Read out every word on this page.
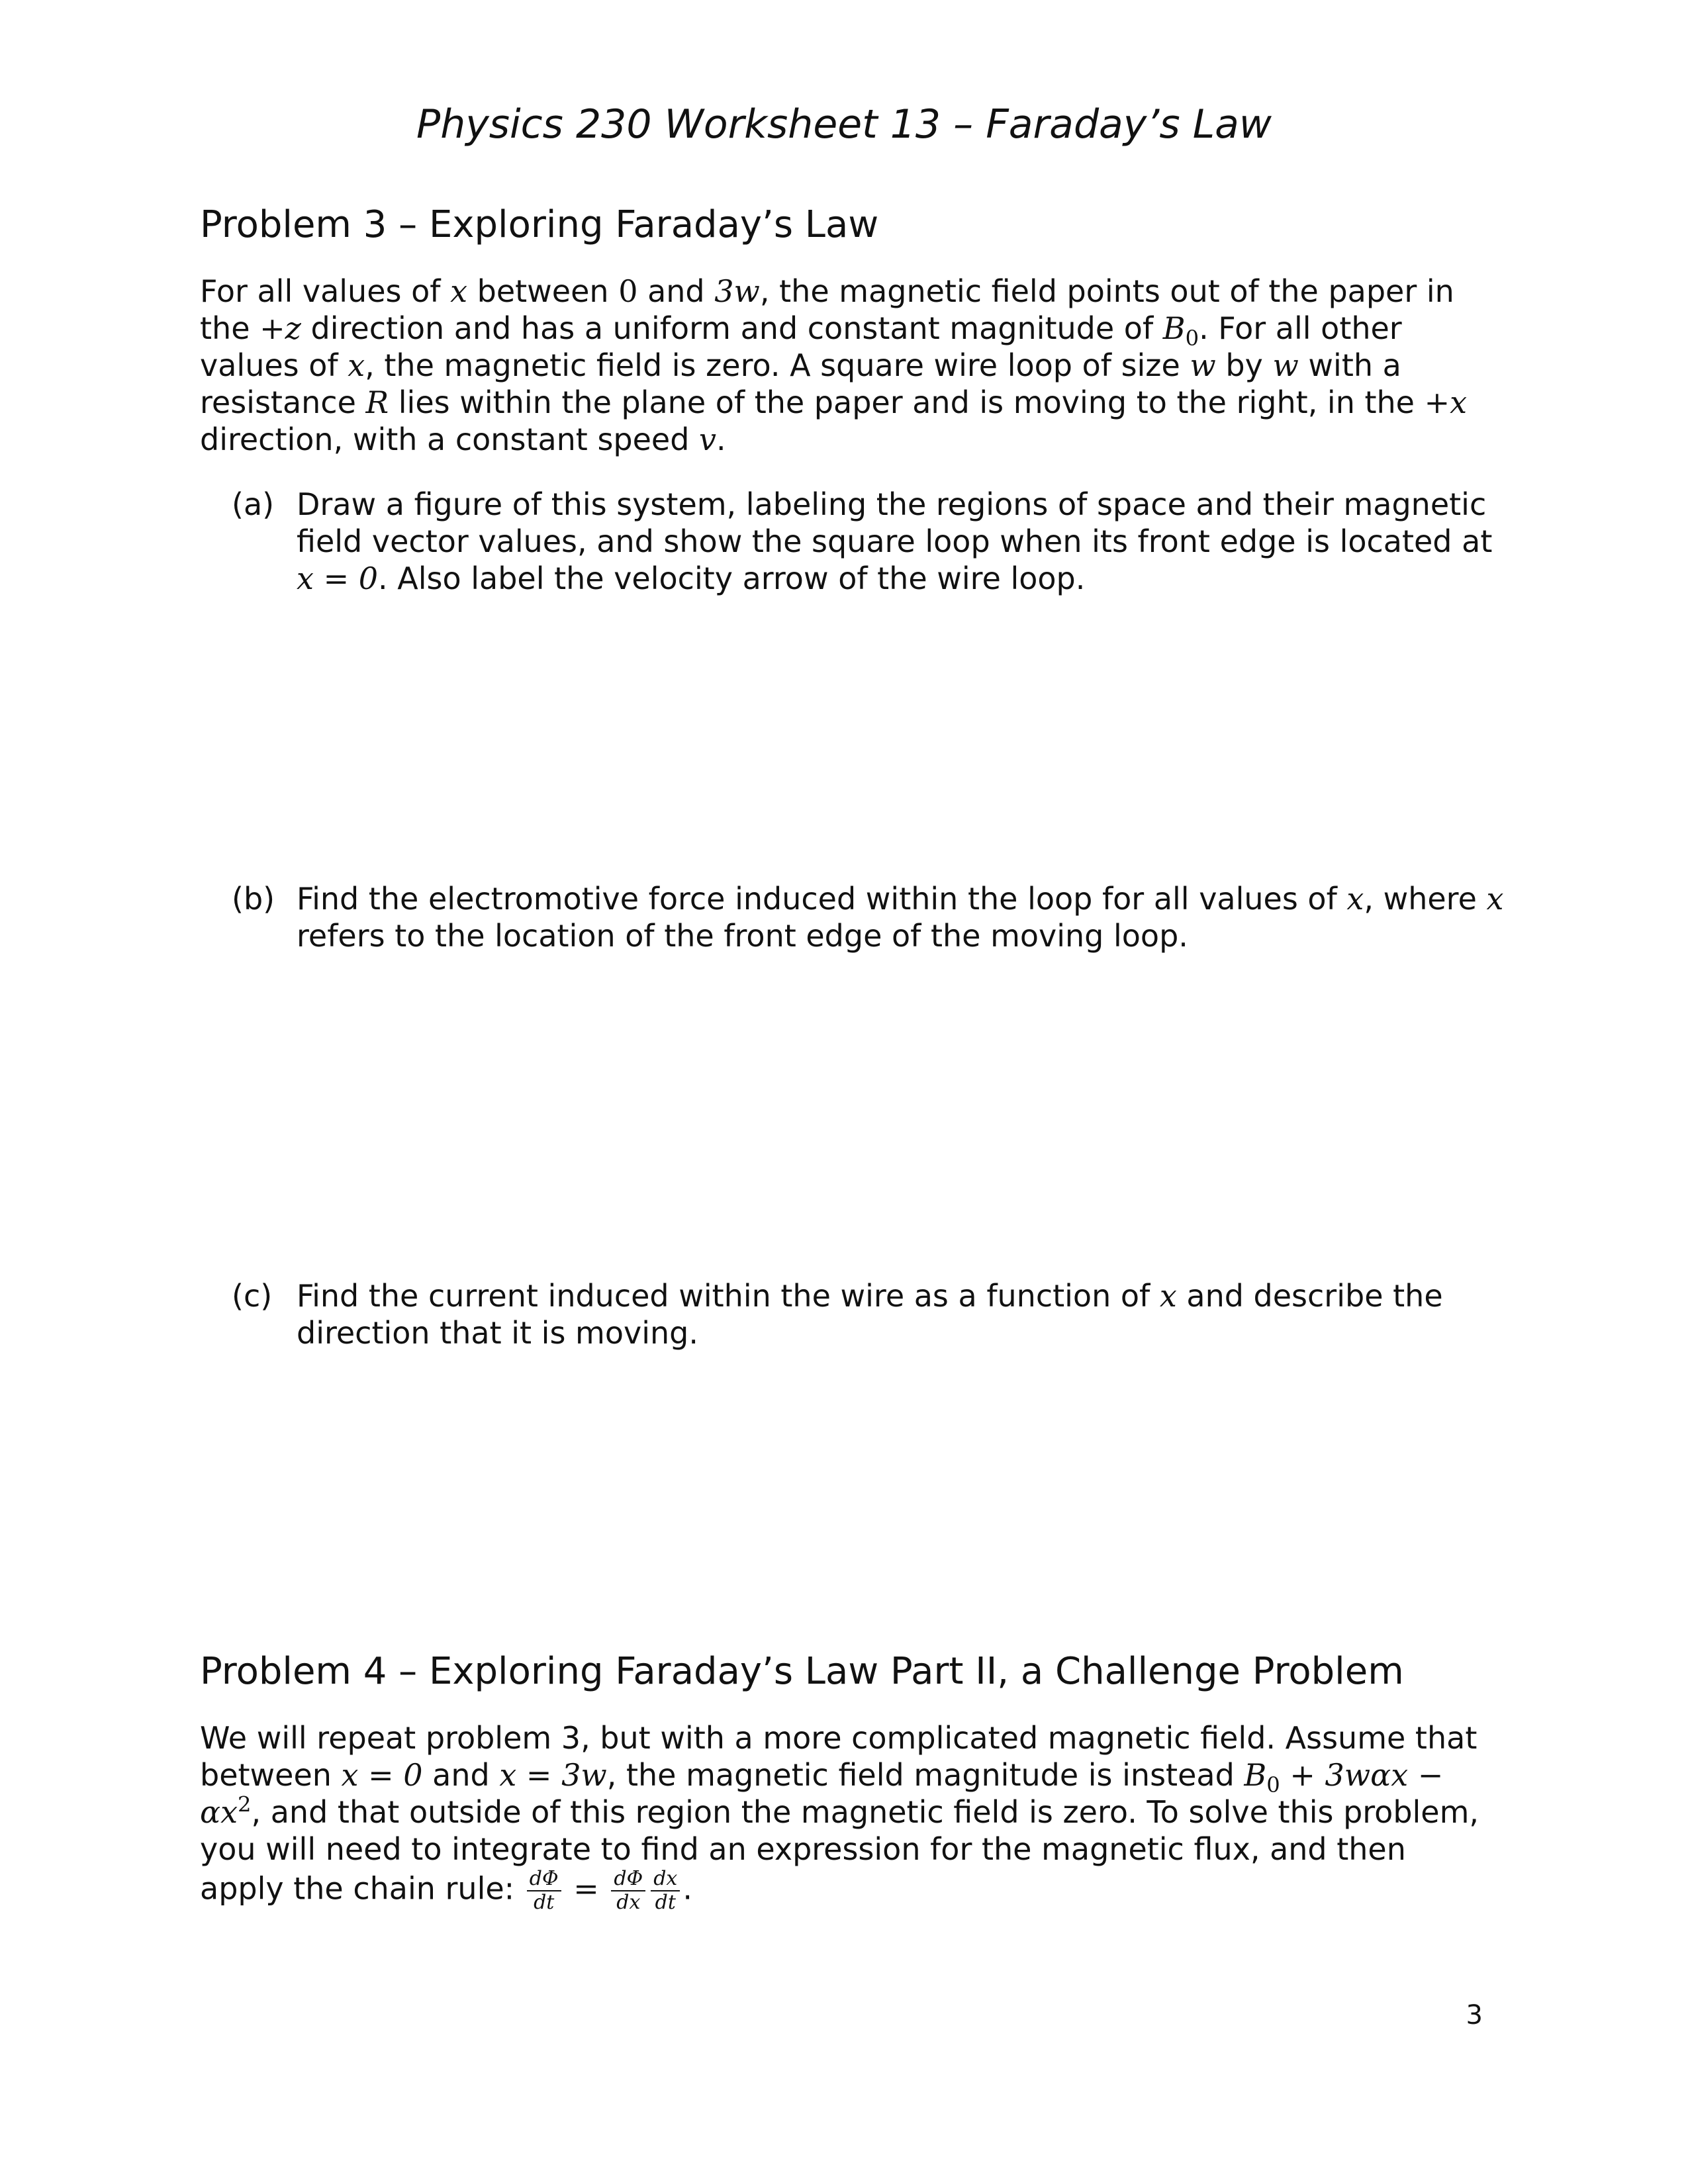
Physics 230 Worksheet 13 – Faraday’s Law
Problem 3 – Exploring Faraday’s Law
For all values of x between 0 and 3w, the magnetic field points out of the paper in the +z direction and has a uniform and constant magnitude of $B_0$. For all other values of x, the magnetic field is zero. A square wire loop of size w by w with a resistance R lies within the plane of the paper and is moving to the right, in the +x direction, with a constant speed v.
(a) Draw a figure of this system, labeling the regions of space and their magnetic field vector values, and show the square loop when its front edge is located at x = 0. Also label the velocity arrow of the wire loop.
(b) Find the electromotive force induced within the loop for all values of x, where x refers to the location of the front edge of the moving loop.
(c) Find the current induced within the wire as a function of x and describe the direction that it is moving.
Problem 4 – Exploring Faraday’s Law Part II, a Challenge Problem
We will repeat problem 3, but with a more complicated magnetic field. Assume that between x = 0 and x = 3w, the magnetic field magnitude is instead $B_0 + 3w\alpha x - \alpha x^2$, and that outside of this region the magnetic field is zero. To solve this problem, you will need to integrate to find an expression for the magnetic flux, and then apply the chain rule: $\frac{d\Phi}{dt} = \frac{d\Phi}{dx} \frac{dx}{dt}$ .
3
